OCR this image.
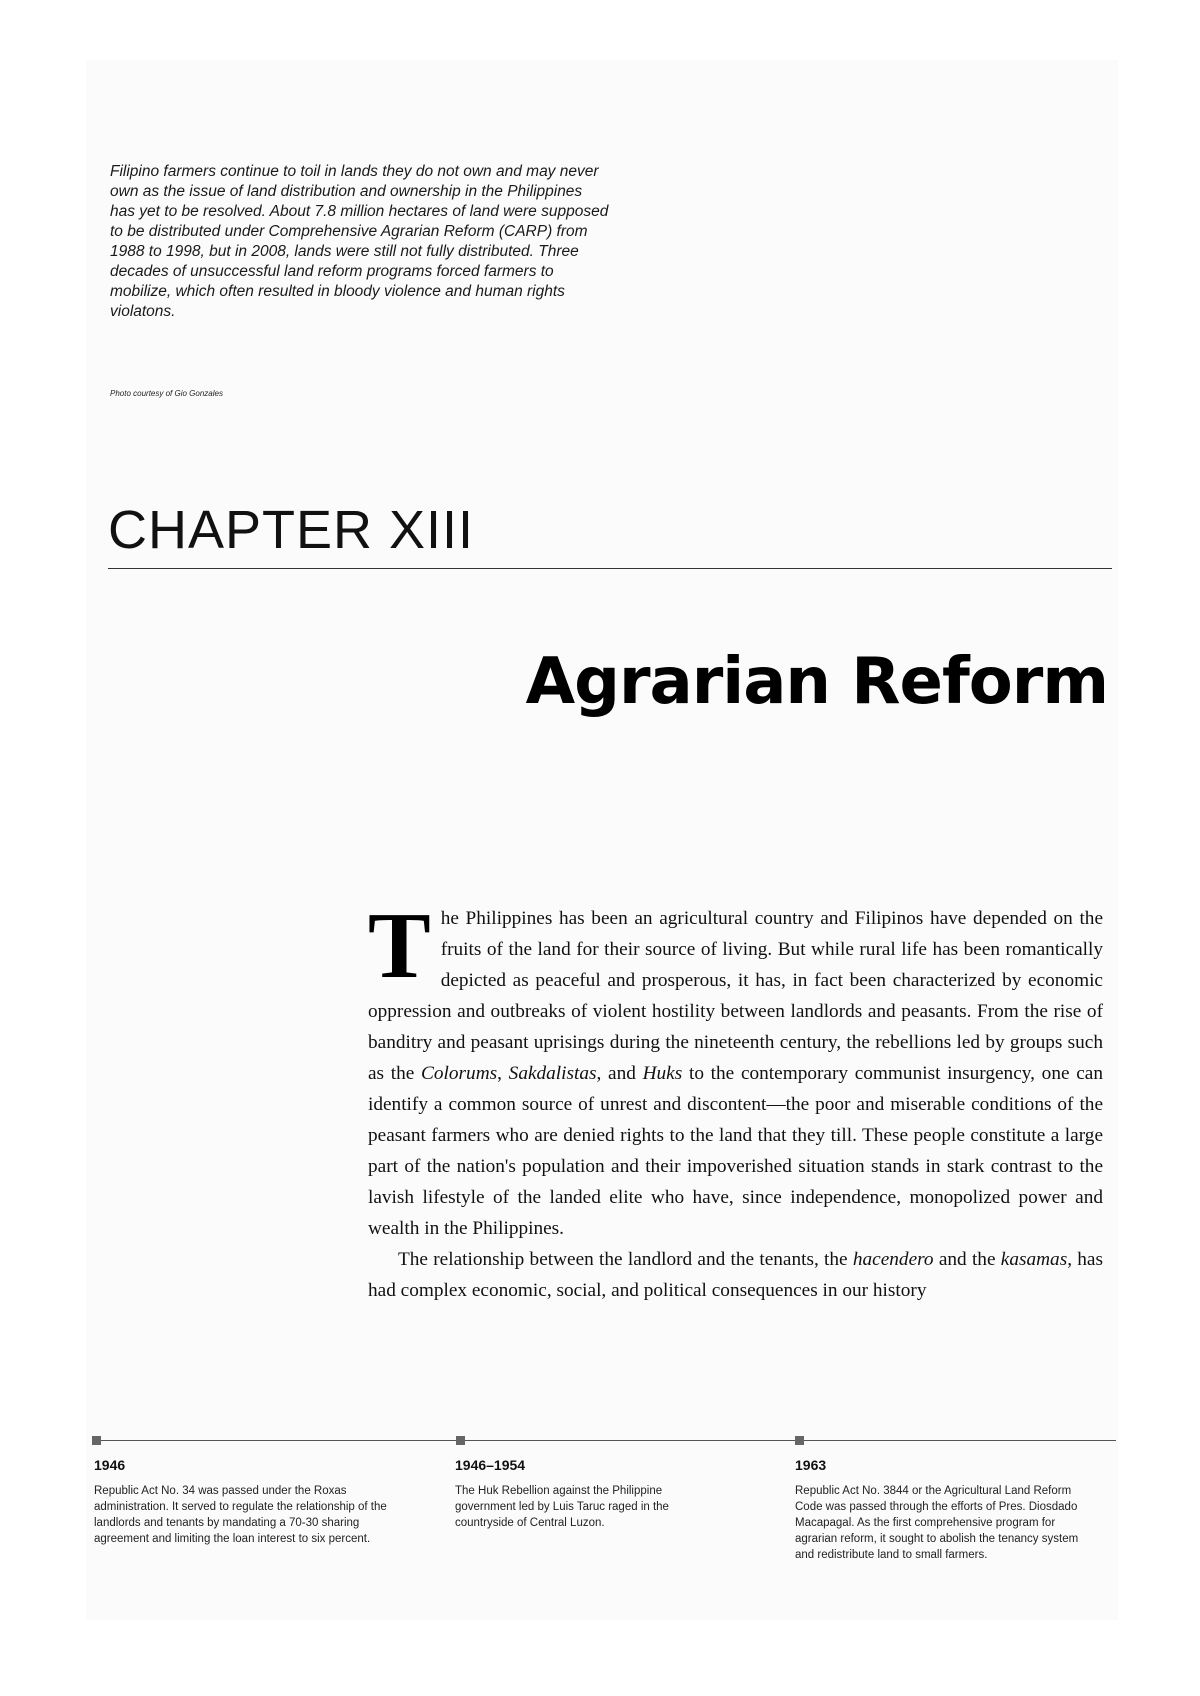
Filipino farmers continue to toil in lands they do not own and may never own as the issue of land distribution and ownership in the Philippines has yet to be resolved. About 7.8 million hectares of land were supposed to be distributed under Comprehensive Agrarian Reform (CARP) from 1988 to 1998, but in 2008, lands were still not fully distributed. Three decades of unsuccessful land reform programs forced farmers to mobilize, which often resulted in bloody violence and human rights violatons.
Photo courtesy of Gio Gonzales
CHAPTER XIII
Agrarian Reform

The Philippines has been an agricultural country and Filipinos have depended on the fruits of the land for their source of living. But while rural life has been romantically depicted as peaceful and prosperous, it has, in fact been characterized by economic oppression and outbreaks of violent hostility between landlords and peasants. From the rise of banditry and peasant uprisings during the nineteenth century, the rebellions led by groups such as the Colorums, Sakdalistas, and Huks to the contemporary communist insurgency, one can identify a common source of unrest and discontent—the poor and miserable conditions of the peasant farmers who are denied rights to the land that they till. These people constitute a large part of the nation's population and their impoverished situation stands in stark contrast to the lavish lifestyle of the landed elite who have, since independence, monopolized power and wealth in the Philippines.

The relationship between the landlord and the tenants, the hacendero and the kasamas, has had complex economic, social, and political consequences in our history

1946
Republic Act No. 34 was passed under the Roxas administration. It served to regulate the relationship of the landlords and tenants by mandating a 70-30 sharing agreement and limiting the loan interest to six percent.
1946–1954
The Huk Rebellion against the Philippine government led by Luis Taruc raged in the countryside of Central Luzon.
1963
Republic Act No. 3844 or the Agricultural Land Reform Code was passed through the efforts of Pres. Diosdado Macapagal. As the first comprehensive program for agrarian reform, it sought to abolish the tenancy system and redistribute land to small farmers.
